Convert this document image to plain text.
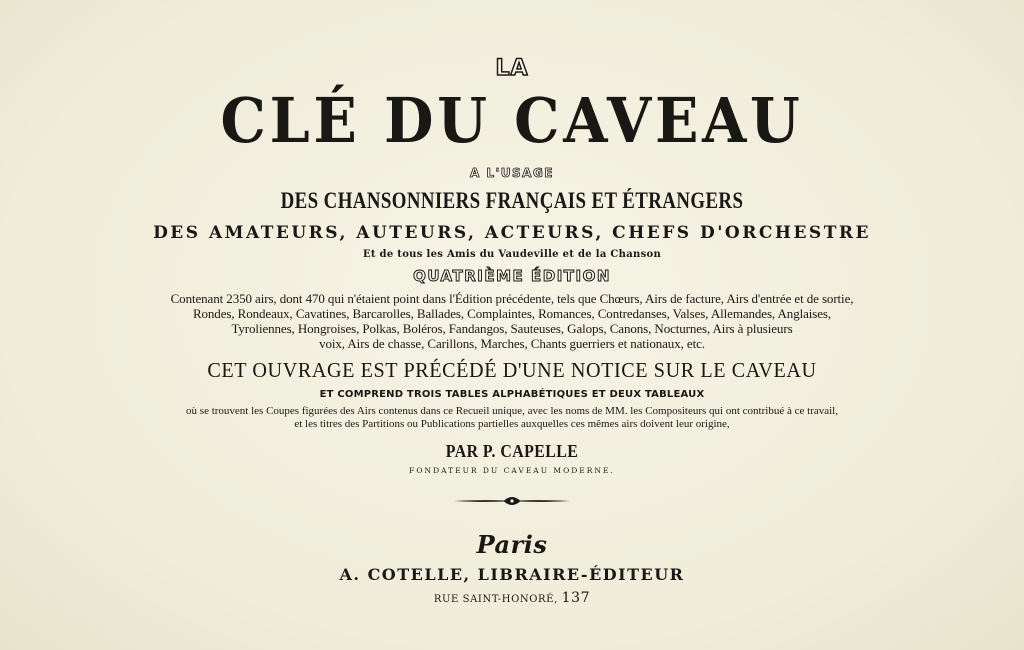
LA
CLÉ DU CAVEAU
A L'USAGE
DES CHANSONNIERS FRANÇAIS ET ÉTRANGERS
DES AMATEURS, AUTEURS, ACTEURS, CHEFS D'ORCHESTRE
Et de tous les Amis du Vaudeville et de la Chanson
QUATRIÈME ÉDITION
Contenant 2350 airs, dont 470 qui n'étaient point dans l'Édition précédente, tels que Chœurs, Airs de facture, Airs d'entrée et de sortie,
Rondes, Rondeaux, Cavatines, Barcarolles, Ballades, Complaintes, Romances, Contredanses, Valses, Allemandes, Anglaises,
Tyroliennes, Hongroises, Polkas, Boléros, Fandangos, Sauteuses, Galops, Canons, Nocturnes, Airs à plusieurs
voix, Airs de chasse, Carillons, Marches, Chants guerriers et nationaux, etc.
CET OUVRAGE EST PRÉCÉDÉ D'UNE NOTICE SUR LE CAVEAU
ET COMPREND TROIS TABLES ALPHABÉTIQUES ET DEUX TABLEAUX
où se trouvent les Coupes figurées des Airs contenus dans ce Recueil unique, avec les noms de MM. les Compositeurs qui ont contribué à ce travail,
et les titres des Partitions ou Publications partielles auxquelles ces mêmes airs doivent leur origine,
PAR P. CAPELLE
FONDATEUR DU CAVEAU MODERNE.
Paris
A. COTELLE, LIBRAIRE-ÉDITEUR
RUE SAINT-HONORÉ, 137
